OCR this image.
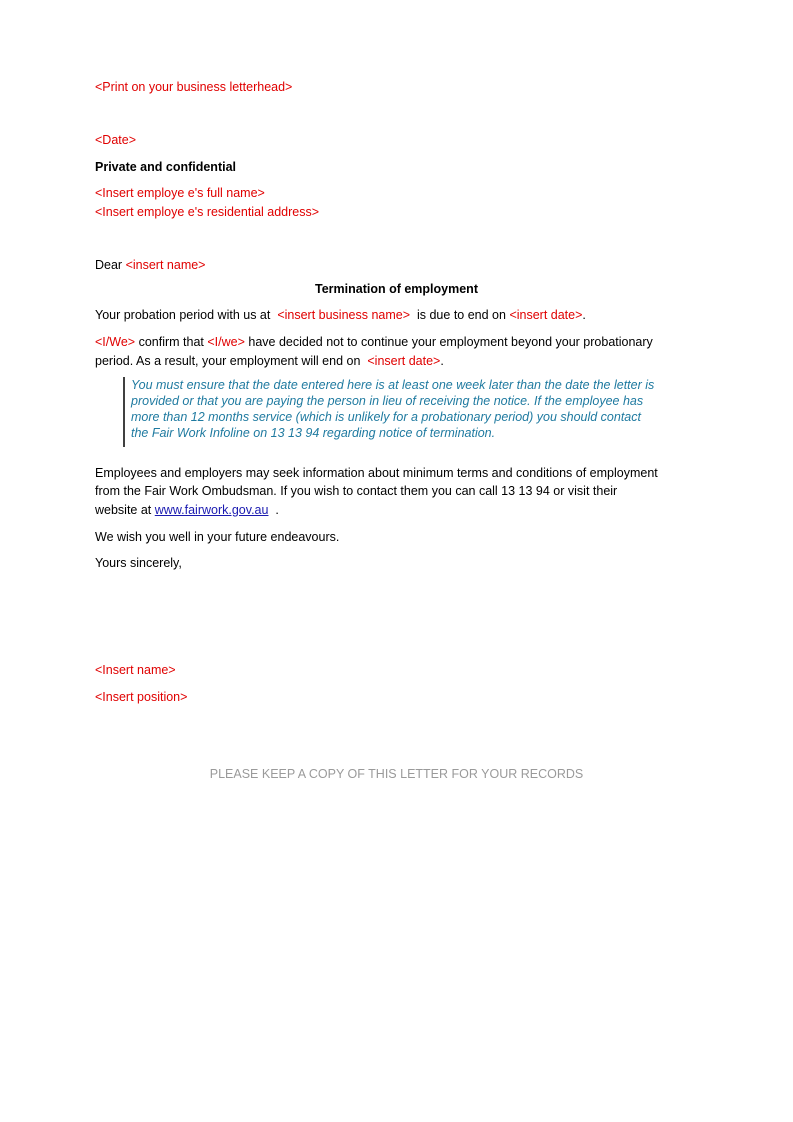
<Print on your business letterhead>
<Date>
Private and confidential
<Insert employe e's full name>
<Insert employe e's residential address>
Dear <insert name>
Termination of employment
Your probation period with us at <insert business name> is due to end on <insert date>.
<I/We> confirm that <I/we> have decided not to continue your employment beyond your probationary
period. As a result, your employment will end on <insert date>.
You must ensure that the date entered here is at least one week later than the date the letter is
provided or that you are paying the person in lieu of receiving the notice. If the employee has
more than 12 months service (which is unlikely for a probationary period) you should contact
the Fair Work Infoline on 13 13 94 regarding notice of termination.
Employees and employers may seek information about minimum terms and conditions of employment
from the Fair Work Ombudsman. If you wish to contact them you can call 13 13 94 or visit their
website at www.fairwork.gov.au .
We wish you well in your future endeavours.
Yours sincerely,
<Insert name>
<Insert position>
PLEASE KEEP A COPY OF THIS LETTER FOR YOUR RECORDS
